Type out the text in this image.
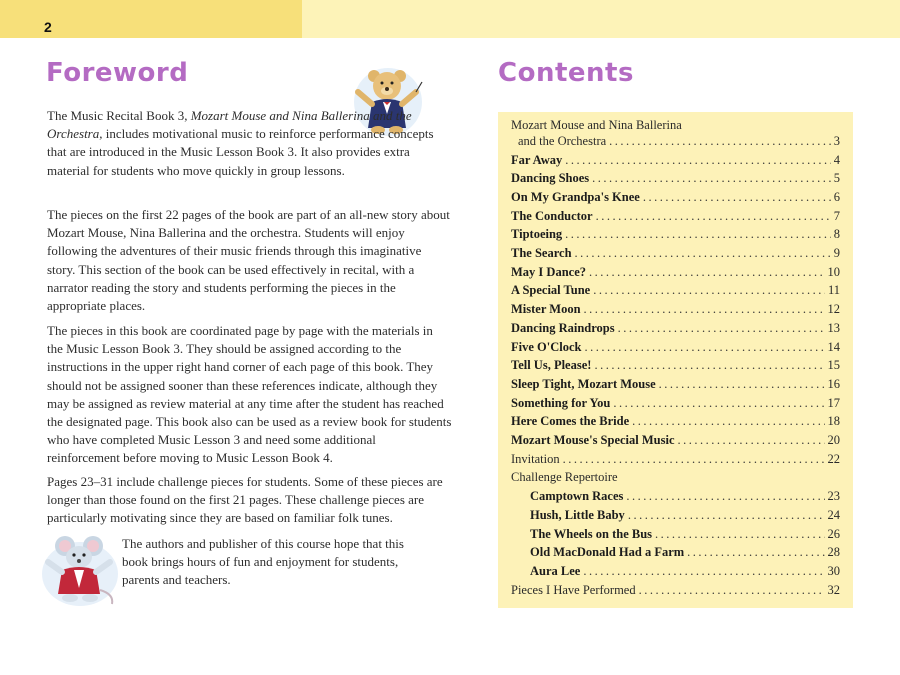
2
Foreword	Contents

The Music Recital Book 3, Mozart Mouse and Nina Ballerina and the Orchestra, includes motivational music to reinforce performance concepts that are introduced in the Music Lesson Book 3. It also provides extra material for students who move quickly in group lessons.

The pieces on the first 22 pages of the book are part of an all-new story about Mozart Mouse, Nina Ballerina and the orchestra. Students will enjoy following the adventures of their music friends through this imaginative story. This section of the book can be used effectively in recital, with a narrator reading the story and students performing the pieces in the appropriate places.

The pieces in this book are coordinated page by page with the materials in the Music Lesson Book 3. They should be assigned according to the instructions in the upper right hand corner of each page of this book. They should not be assigned sooner than these references indicate, although they may be assigned as review material at any time after the student has reached the designated page. This book also can be used as a review book for students who have completed Music Lesson 3 and need some additional reinforcement before moving to Music Lesson Book 4.

Pages 23–31 include challenge pieces for students. Some of these pieces are longer than those found on the first 21 pages. These challenge pieces are particularly motivating since they are based on familiar folk tunes.

The authors and publisher of this course hope that this book brings hours of fun and enjoyment for students, parents and teachers.

Mozart Mouse and Nina Ballerina
and the Orchestra .....	3
Far Away .....	4
Dancing Shoes .....	5
On My Grandpa's Knee .....	6
The Conductor .....	7
Tiptoeing .....	8
The Search .....	9
May I Dance? .....	10
A Special Tune .....	11
Mister Moon .....	12
Dancing Raindrops .....	13
Five O'Clock .....	14
Tell Us, Please! .....	15
Sleep Tight, Mozart Mouse .....	16
Something for You .....	17
Here Comes the Bride .....	18
Mozart Mouse's Special Music .....	20
Invitation .....	22
Challenge Repertoire
Camptown Races .....	23
Hush, Little Baby .....	24
The Wheels on the Bus .....	26
Old MacDonald Had a Farm .....	28
Aura Lee .....	30
Pieces I Have Performed .....	32
